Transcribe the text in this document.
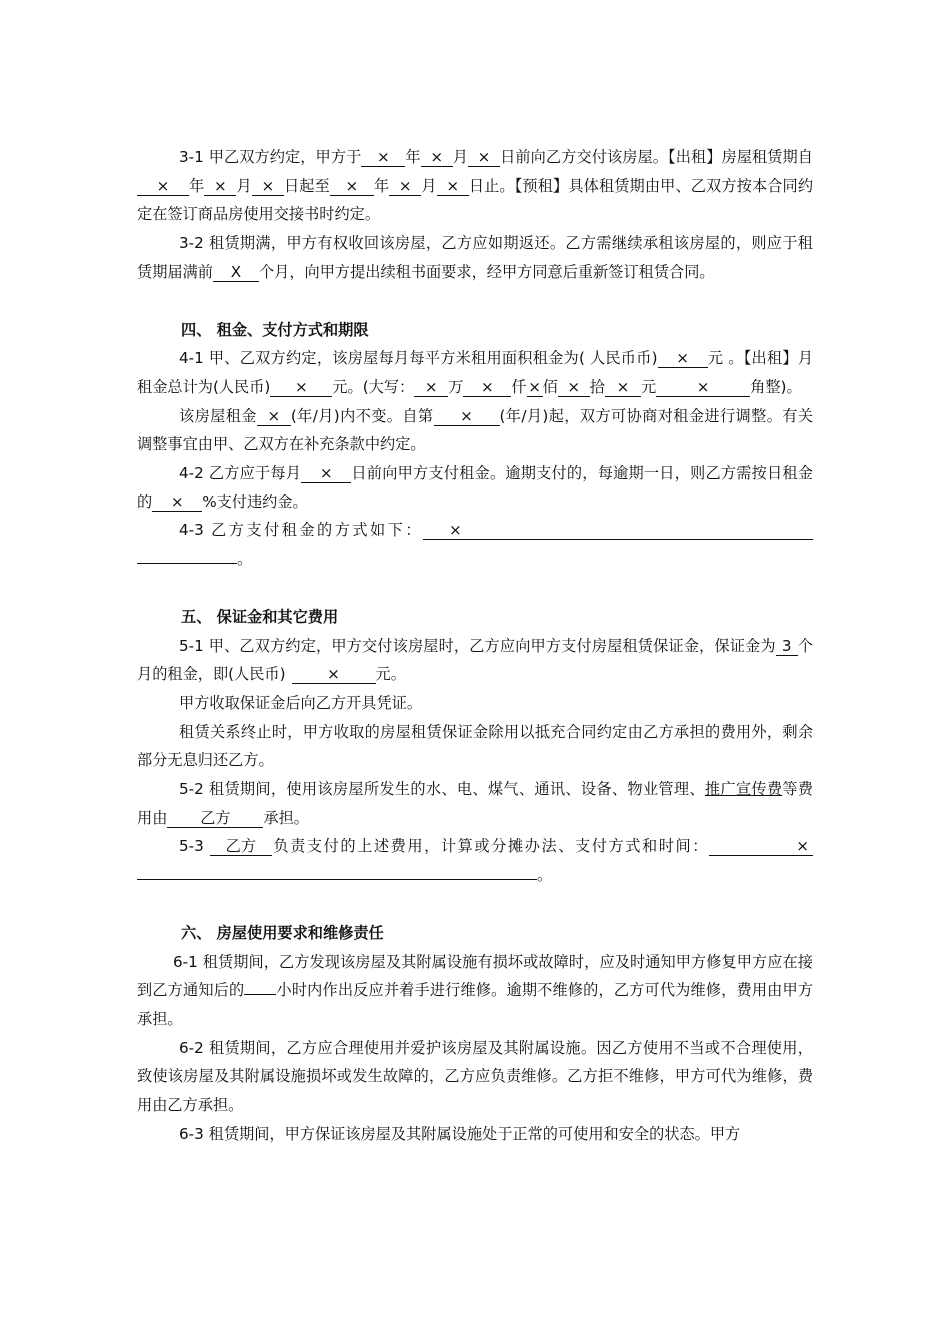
3-1 甲乙双方约定，甲方于 × 年 × 月 × 日前向乙方交付该房屋。【出租】房屋租赁期自× 年 × 月 × 日起至 × 年 × 月 × 日止。【预租】具体租赁期由甲、乙双方按本合同约定在签订商品房使用交接书时约定。

3-2 租赁期满，甲方有权收回该房屋，乙方应如期返还。乙方需继续承租该房屋的，则应于租赁期届满前 X 个月，向甲方提出续租书面要求，经甲方同意后重新签订租赁合同。

四、 租金、支付方式和期限

4-1 甲、乙双方约定，该房屋每月每平方米租用面积租金为( 人民币币) × 元 。【出租】月租金总计为(人民币) × 元。(大写： × 万 × 仟 × 佰 × 拾 × 元	×	角整)。

该房屋租金 × (年/月)内不变。自第 × (年/月)起，双方可协商对租金进行调整。有关调整事宜由甲、乙双方在补充条款中约定。

4-2 乙方应于每月 × 日前向甲方支付租金。逾期支付的，每逾期一日，则乙方需按日租金的 × %支付违约金。

4-3 乙方支付租金的方式如下： ×。

五、 保证金和其它费用

5-1 甲、乙双方约定，甲方交付该房屋时，乙方应向甲方支付房屋租赁保证金，保证金为 3 个月的租金，即(人民币)	× 元。

甲方收取保证金后向乙方开具凭证。

租赁关系终止时，甲方收取的房屋租赁保证金除用以抵充合同约定由乙方承担的费用外，剩余部分无息归还乙方。

5-2 租赁期间，使用该房屋所发生的水、电、煤气、通讯、设备、物业管理、推广宣传费等费用由 乙方 承担。

5-3 乙方 负责支付的上述费用，计算或分摊办法、支付方式和时间：	×。

六、 房屋使用要求和维修责任

6-1 租赁期间，乙方发现该房屋及其附属设施有损坏或故障时，应及时通知甲方修复甲方应在接到乙方通知后的 小时内作出反应并着手进行维修。逾期不维修的，乙方可代为维修，费用由甲方承担。

6-2 租赁期间，乙方应合理使用并爱护该房屋及其附属设施。因乙方使用不当或不合理使用，致使该房屋及其附属设施损坏或发生故障的，乙方应负责维修。乙方拒不维修，甲方可代为维修，费用由乙方承担。

6-3 租赁期间，甲方保证该房屋及其附属设施处于正常的可使用和安全的状态。甲方
